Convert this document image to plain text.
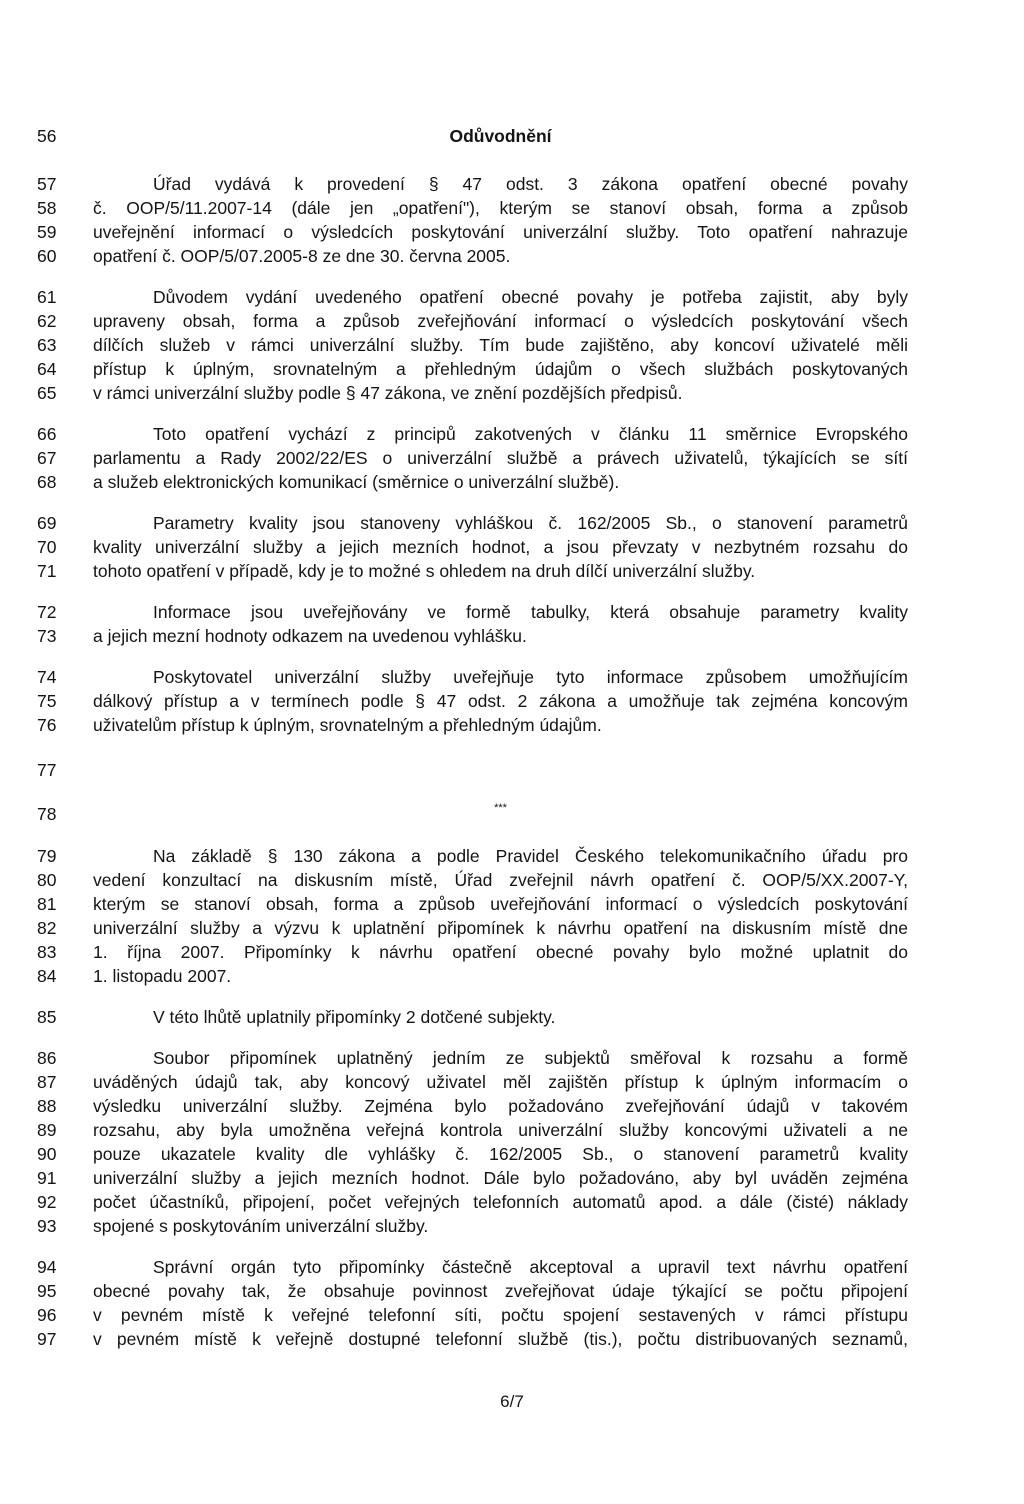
56	Odůvodnění
57	Úřad vydává k provedení § 47 odst. 3 zákona opatření obecné povahy
58	č. OOP/5/11.2007-14 (dále jen „opatření"), kterým se stanoví obsah, forma a způsob
59	uveřejnění informací o výsledcích poskytování univerzální služby. Toto opatření nahrazuje
60	opatření č. OOP/5/07.2005-8 ze dne 30. června 2005.
61	Důvodem vydání uvedeného opatření obecné povahy je potřeba zajistit, aby byly
62	upraveny obsah, forma a způsob zveřejňování informací o výsledcích poskytování všech
63	dílčích služeb v rámci univerzální služby. Tím bude zajištěno, aby koncoví uživatelé měli
64	přístup k úplným, srovnatelným a přehledným údajům o všech službách poskytovaných
65	v rámci univerzální služby podle § 47 zákona, ve znění pozdějších předpisů.
66	Toto opatření vychází z principů zakotvených v článku 11 směrnice Evropského
67	parlamentu a Rady 2002/22/ES o univerzální službě a právech uživatelů, týkajících se sítí
68	a služeb elektronických komunikací (směrnice o univerzální službě).
69	Parametry kvality jsou stanoveny vyhláškou č. 162/2005 Sb., o stanovení parametrů
70	kvality univerzální služby a jejich mezních hodnot, a jsou převzaty v nezbytném rozsahu do
71	tohoto opatření v případě, kdy je to možné s ohledem na druh dílčí univerzální služby.
72	Informace jsou uveřejňovány ve formě tabulky, která obsahuje parametry kvality
73	a jejich mezní hodnoty odkazem na uvedenou vyhlášku.
74	Poskytovatel univerzální služby uveřejňuje tyto informace způsobem umožňujícím
75	dálkový přístup a v termínech podle § 47 odst. 2 zákona a umožňuje tak zejména koncovým
76	uživatelům přístup k úplným, srovnatelným a přehledným údajům.
77
78	***
79	Na základě § 130 zákona a podle Pravidel Českého telekomunikačního úřadu pro
80	vedení konzultací na diskusním místě, Úřad zveřejnil návrh opatření č. OOP/5/XX.2007-Y,
81	kterým se stanoví obsah, forma a způsob uveřejňování informací o výsledcích poskytování
82	univerzální služby a výzvu k uplatnění připomínek k návrhu opatření na diskusním místě dne
83	1. října 2007. Připomínky k návrhu opatření obecné povahy bylo možné uplatnit do
84	1. listopadu 2007.
85	V této lhůtě uplatnily připomínky 2 dotčené subjekty.
86	Soubor připomínek uplatněný jedním ze subjektů směřoval k rozsahu a formě
87	uváděných údajů tak, aby koncový uživatel měl zajištěn přístup k úplným informacím o
88	výsledku univerzální služby. Zejména bylo požadováno zveřejňování údajů v takovém
89	rozsahu, aby byla umožněna veřejná kontrola univerzální služby koncovými uživateli a ne
90	pouze ukazatele kvality dle vyhlášky č. 162/2005 Sb., o stanovení parametrů kvality
91	univerzální služby a jejich mezních hodnot. Dále bylo požadováno, aby byl uváděn zejména
92	počet účastníků, připojení, počet veřejných telefonních automatů apod. a dále (čisté) náklady
93	spojené s poskytováním univerzální služby.
94	Správní orgán tyto připomínky částečně akceptoval a upravil text návrhu opatření
95	obecné povahy tak, že obsahuje povinnost zveřejňovat údaje týkající se počtu připojení
96	v pevném místě k veřejné telefonní síti, počtu spojení sestavených v rámci přístupu
97	v pevném místě k veřejně dostupné telefonní službě (tis.), počtu distribuovaných seznamů,
6/7
